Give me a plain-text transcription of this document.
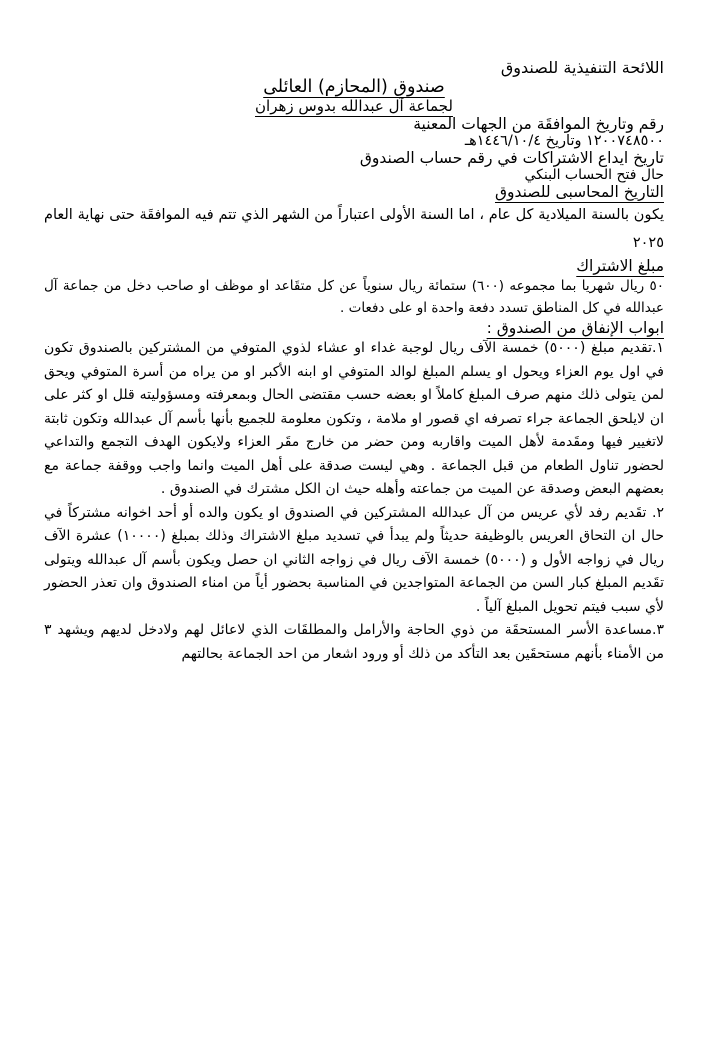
اللائحة التنفيذية للصندوق
صندوق (المحازم) العائلى

لجماعة آل عبدالله بدوس زهران

رقم وتاريخ الموافقَة من الجهات المعنية

١٢٠٠٧٤٨٥٠٠ وتاريخ ١٤٤٦/١٠/٤هـ

تاريخ ايداع الاشتراكات في رقم حساب الصندوق

حال فتح الحساب البنكي

التاريخ المحاسبى للصندوق

يكون بالسنة الميلادية كل عام ، اما السنة الأولى اعتباراً من الشهر الذي تتم فيه الموافقَة حتى نهاية العام ٢٠٢٥

مبلغ الاشتراك

٥٠ ريال شهريا بما مجموعه (٦٠٠) ستمائة ريال سنوياً عن كل متقَاعد او موظف او صاحب دخل من جماعة آل عبدالله في كل المناطق تسدد دفعة واحدة او على دفعات .

ابواب الإنفاق من الصندوق :

١.تقديم مبلغ (٥٠٠٠) خمسة الآف ريال لوجبة غداء او عشاء لذوي المتوفي من المشتركين بالصندوق تكون في اول يوم العزاء ويحول او يسلم المبلغ لوالد المتوفي او ابنه الأكبر او من يراه من أسرة المتوفي ويحق لمن يتولى ذلك منهم صرف المبلغ كاملاً او بعضه حسب مقتضى الحال وبمعرفته ومسؤوليته قلل او كثر على ان لايلحق الجماعة جراء تصرفه اي قصور او ملامة ، وتكون معلومة للجميع بأنها بأسم آل عبدالله وتكون ثابتة لاتغيير فيها ومقَدمة لأهل الميت واقاربه ومن حضر من خارج مقَر العزاء ولايكون الهدف التجمع والتداعي لحضور تناول الطعام من قبل الجماعة . وهي ليست صدقة على أهل الميت وانما واجب ووقفة جماعة مع بعضهم البعض وصدقة عن الميت من جماعته وأهله حيث ان الكل مشترك في الصندوق .

٢. تقَديم رفد لأي عريس من آل عبدالله المشتركين في الصندوق او يكون والده أو أحد اخوانه مشتركاً في حال ان التحاق العريس بالوظيفة حديثاً ولم يبدأ في تسديد مبلغ الاشتراك وذلك بمبلغ (١٠٠٠٠) عشرة الآف ريال في زواجه الأول و (٥٠٠٠) خمسة الآف ريال في زواجه الثاني ان حصل ويكون بأسم آل عبدالله ويتولى تقَديم المبلغ كبار السن من الجماعة المتواجدين في المناسبة بحضور أياً من امناء الصندوق وان تعذر الحضور لأي سبب فيتم تحويل المبلغ آلياً .

٣.مساعدة الأسر المستحقَة من ذوي الحاجة والأرامل والمطلقَات الذي لاعائل لهم ولادخل لديهم ويشهد ٣ من الأمناء بأنهم مستحقَين بعد التأكد من ذلك أو ورود اشعار من احد الجماعة بحالتهم
